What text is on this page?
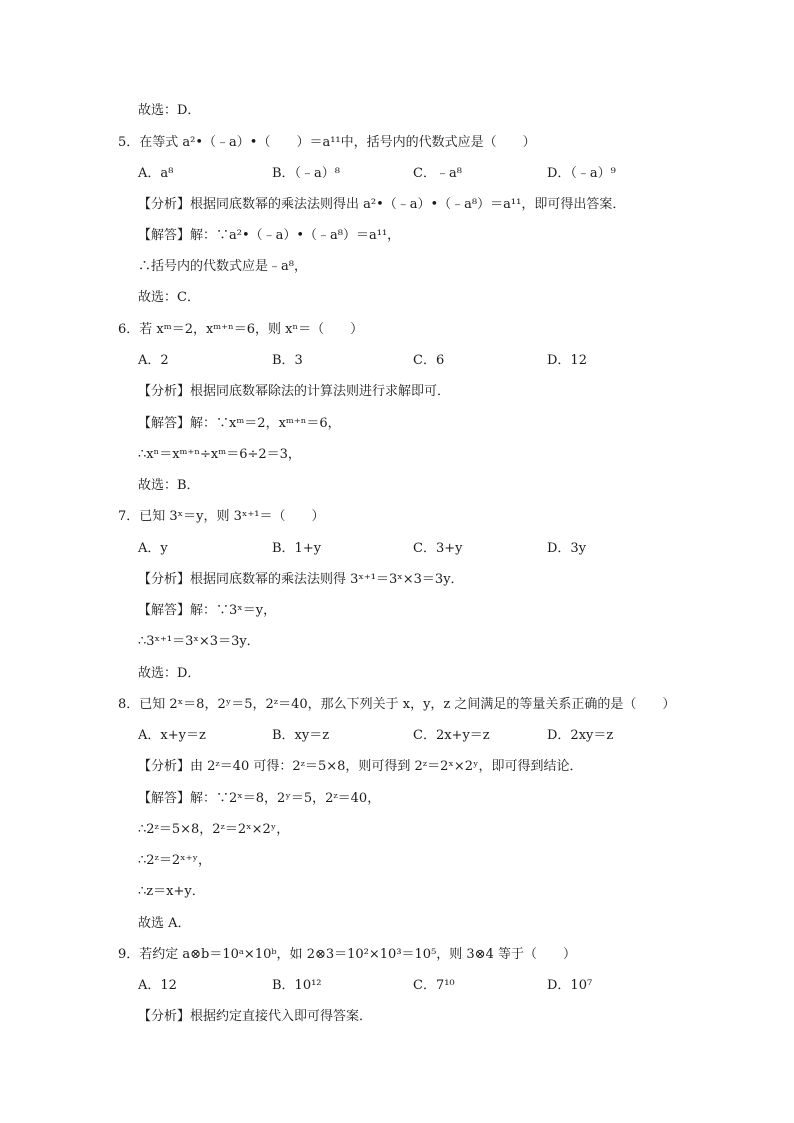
故选：D．
5．在等式 a²•（﹣a）•（　　）＝a¹¹中，括号内的代数式应是（　　）
A．a⁸	B．（﹣a）⁸	C．﹣a⁸	D．（﹣a）⁹
【分析】根据同底数幂的乘法法则得出 a²•（﹣a）•（﹣a⁸）＝a¹¹，即可得出答案．
【解答】解：∵a²•（﹣a）•（﹣a⁸）＝a¹¹，
∴括号内的代数式应是﹣a⁸，
故选：C．
6．若 xᵐ＝2，xᵐ⁺ⁿ＝6，则 xⁿ＝（　　）
A．2	B．3	C．6	D．12
【分析】根据同底数幂除法的计算法则进行求解即可．
【解答】解：∵xᵐ＝2，xᵐ⁺ⁿ＝6，
∴xⁿ＝xᵐ⁺ⁿ÷xᵐ＝6÷2＝3，
故选：B．
7．已知 3ˣ＝y，则 3ˣ⁺¹＝（　　）
A．y	B．1+y	C．3+y	D．3y
【分析】根据同底数幂的乘法法则得 3ˣ⁺¹＝3ˣ×3＝3y．
【解答】解：∵3ˣ＝y，
∴3ˣ⁺¹＝3ˣ×3＝3y．
故选：D．
8．已知 2ˣ＝8，2ʸ＝5，2ᶻ＝40，那么下列关于 x，y，z 之间满足的等量关系正确的是（　　）
A．x+y＝z	B．xy＝z	C．2x+y＝z	D．2xy＝z
【分析】由 2ᶻ＝40 可得：2ᶻ＝5×8，则可得到 2ᶻ＝2ˣ×2ʸ，即可得到结论．
【解答】解：∵2ˣ＝8，2ʸ＝5，2ᶻ＝40，
∴2ᶻ＝5×8，2ᶻ＝2ˣ×2ʸ，
∴2ᶻ＝2ˣ⁺ʸ，
∴z＝x+y．
故选 A．
9．若约定 a⊗b＝10ᵃ×10ᵇ，如 2⊗3＝10²×10³＝10⁵，则 3⊗4 等于（　　）
A．12	B．10¹²	C．7¹⁰	D．10⁷
【分析】根据约定直接代入即可得答案．
